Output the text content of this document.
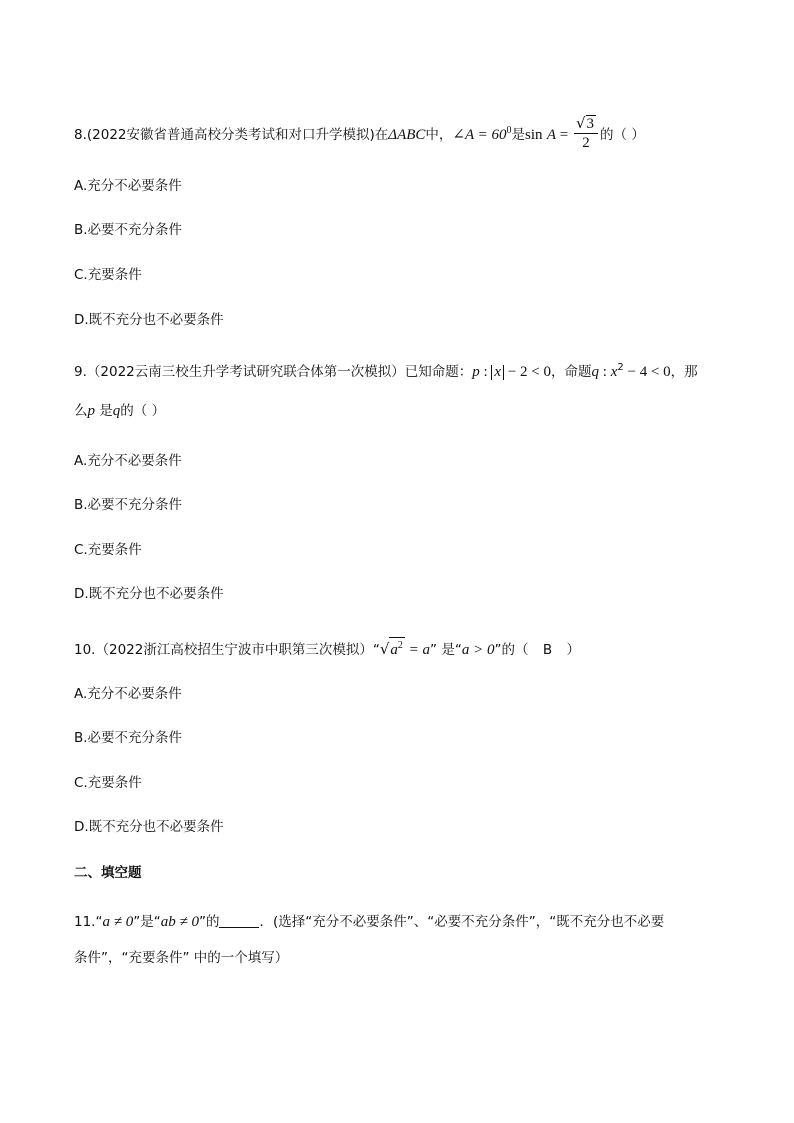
8.(2022安徽省普通高校分类考试和对口升学模拟)在ΔABC中，∠A = $60^0$是$\sin A = \frac{√3}{2}$ 的（ ）
A.充分不必要条件
B.必要不充分条件
C.充要条件
D.既不充分也不必要条件
9.（2022云南三校生升学考试研究联合体第一次模拟）已知命题：p : x − 2 < 0，命题q : $x^2 - 4 < 0$，那
么p 是q的（ ）
A.充分不必要条件
B.必要不充分条件
C.充要条件
D.既不充分也不必要条件
10.（2022浙江高校招生宁波市中职第三次模拟）“$√a^2 = a$” 是“a > 0”的（ B ）
A.充分不必要条件
B.必要不充分条件
C.充要条件
D.既不充分也不必要条件
二、填空题
11.“a ≠ 0”是“ab ≠ 0”的	．(选择“充分不必要条件”、“必要不充分条件”，“既不充分也不必要
条件”，“充要条件” 中的一个填写）
